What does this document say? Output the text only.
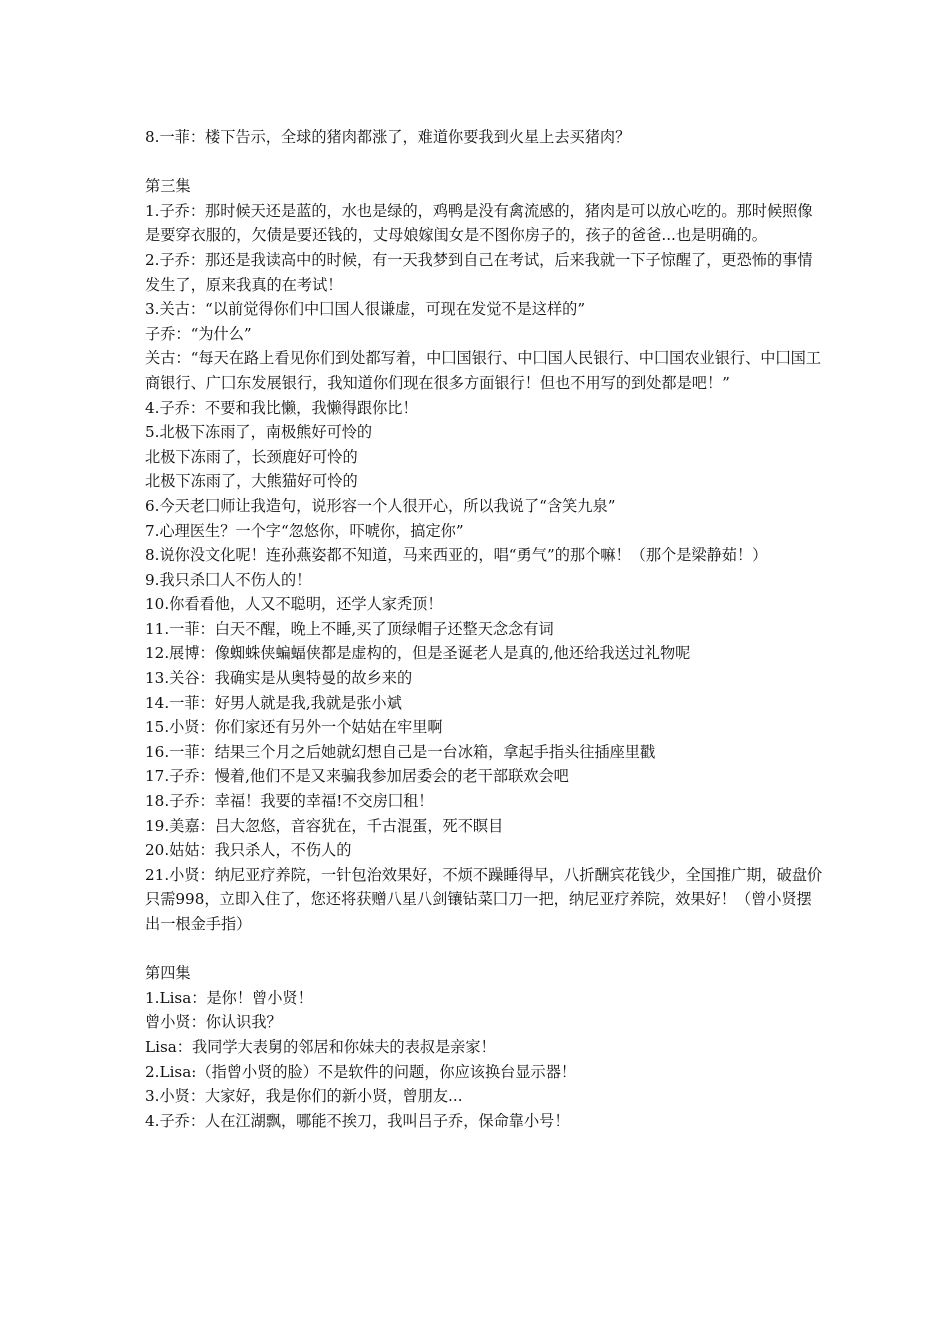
8.一菲：楼下告示，全球的猪肉都涨了，难道你要我到火星上去买猪肉？

第三集

1.子乔：那时候天还是蓝的，水也是绿的，鸡鸭是没有禽流感的，猪肉是可以放心吃的。那时候照像是要穿衣服的，欠债是要还钱的，丈母娘嫁闺女是不图你房子的，孩子的爸爸...也是明确的。

2.子乔：那还是我读高中的时候，有一天我梦到自己在考试，后来我就一下子惊醒了，更恐怖的事情发生了，原来我真的在考试！

3.关古：“以前觉得你们中囗国人很谦虚，可现在发觉不是这样的”

子乔：“为什么”

关古：“每天在路上看见你们到处都写着，中囗国银行、中囗国人民银行、中囗国农业银行、中囗国工商银行、广囗东发展银行，我知道你们现在很多方面银行！但也不用写的到处都是吧！”

4.子乔：不要和我比懒，我懒得跟你比！

5.北极下冻雨了，南极熊好可怜的

北极下冻雨了，长颈鹿好可怜的

北极下冻雨了，大熊猫好可怜的

6.今天老囗师让我造句，说形容一个人很开心，所以我说了“含笑九泉”

7.心理医生？一个字“忽悠你，吓唬你，搞定你”

8.说你没文化呢！连孙燕姿都不知道，马来西亚的，唱“勇气”的那个嘛！（那个是梁静茹！）

9.我只杀囗人不伤人的！

10.你看看他，人又不聪明，还学人家秃顶！

11.一菲：白天不醒，晚上不睡,买了顶绿帽子还整天念念有词

12.展博：像蜘蛛侠蝙蝠侠都是虚构的，但是圣诞老人是真的,他还给我送过礼物呢

13.关谷：我确实是从奥特曼的故乡来的

14.一菲：好男人就是我,我就是张小斌

15.小贤：你们家还有另外一个姑姑在牢里啊

16.一菲：结果三个月之后她就幻想自己是一台冰箱，拿起手指头往插座里戳

17.子乔：慢着,他们不是又来骗我参加居委会的老干部联欢会吧

18.子乔：幸福！我要的幸福!不交房囗租！

19.美嘉：吕大忽悠，音容犹在，千古混蛋，死不瞑目

20.姑姑：我只杀人，不伤人的

21.小贤：纳尼亚疗养院，一针包治效果好，不烦不躁睡得早，八折酬宾花钱少，全国推广期，破盘价只需998，立即入住了，您还将获赠八星八剑镶钻菜囗刀一把，纳尼亚疗养院，效果好！（曾小贤摆出一根金手指）

第四集

1.Lisa：是你！曾小贤！

曾小贤：你认识我？

Lisa：我同学大表舅的邻居和你妹夫的表叔是亲家！

2.Lisa:（指曾小贤的脸）不是软件的问题，你应该换台显示器！

3.小贤：大家好，我是你们的新小贤，曾朋友...

4.子乔：人在江湖飘，哪能不挨刀，我叫吕子乔，保命靠小号！
